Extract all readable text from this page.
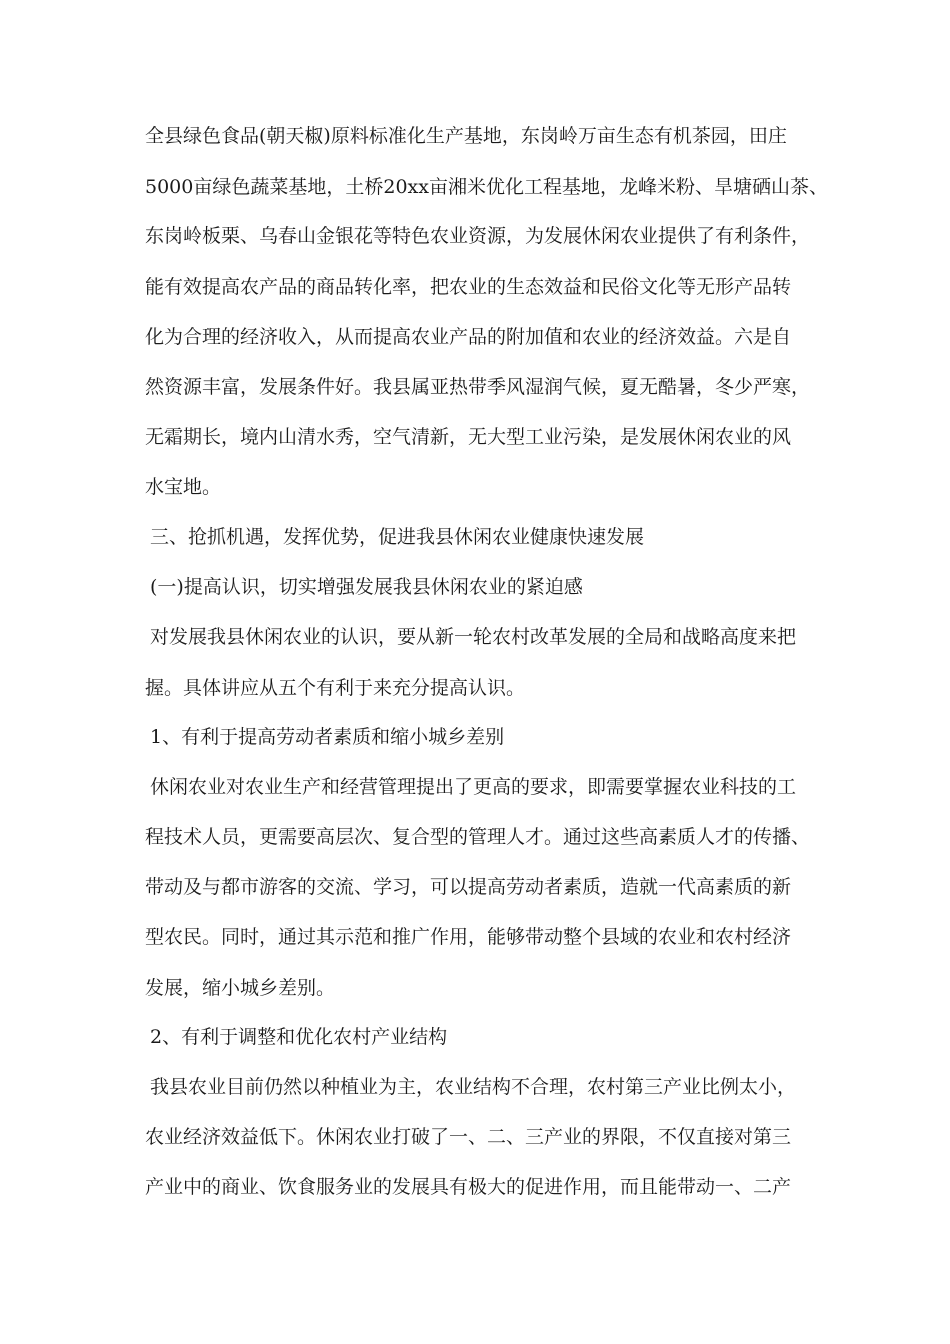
全县绿色食品(朝天椒)原料标准化生产基地，东岗岭万亩生态有机茶园，田庄
5000亩绿色蔬菜基地，土桥20xx亩湘米优化工程基地，龙峰米粉、旱塘硒山茶、
东岗岭板栗、乌春山金银花等特色农业资源，为发展休闲农业提供了有利条件，
能有效提高农产品的商品转化率，把农业的生态效益和民俗文化等无形产品转
化为合理的经济收入，从而提高农业产品的附加值和农业的经济效益。六是自
然资源丰富，发展条件好。我县属亚热带季风湿润气候，夏无酷暑，冬少严寒，
无霜期长，境内山清水秀，空气清新，无大型工业污染，是发展休闲农业的风
水宝地。
三、抢抓机遇，发挥优势，促进我县休闲农业健康快速发展
(一)提高认识，切实增强发展我县休闲农业的紧迫感
对发展我县休闲农业的认识，要从新一轮农村改革发展的全局和战略高度来把
握。具体讲应从五个有利于来充分提高认识。
1、有利于提高劳动者素质和缩小城乡差别
休闲农业对农业生产和经营管理提出了更高的要求，即需要掌握农业科技的工
程技术人员，更需要高层次、复合型的管理人才。通过这些高素质人才的传播、
带动及与都市游客的交流、学习，可以提高劳动者素质，造就一代高素质的新
型农民。同时，通过其示范和推广作用，能够带动整个县域的农业和农村经济
发展，缩小城乡差别。
2、有利于调整和优化农村产业结构
我县农业目前仍然以种植业为主，农业结构不合理，农村第三产业比例太小，
农业经济效益低下。休闲农业打破了一、二、三产业的界限，不仅直接对第三
产业中的商业、饮食服务业的发展具有极大的促进作用，而且能带动一、二产
